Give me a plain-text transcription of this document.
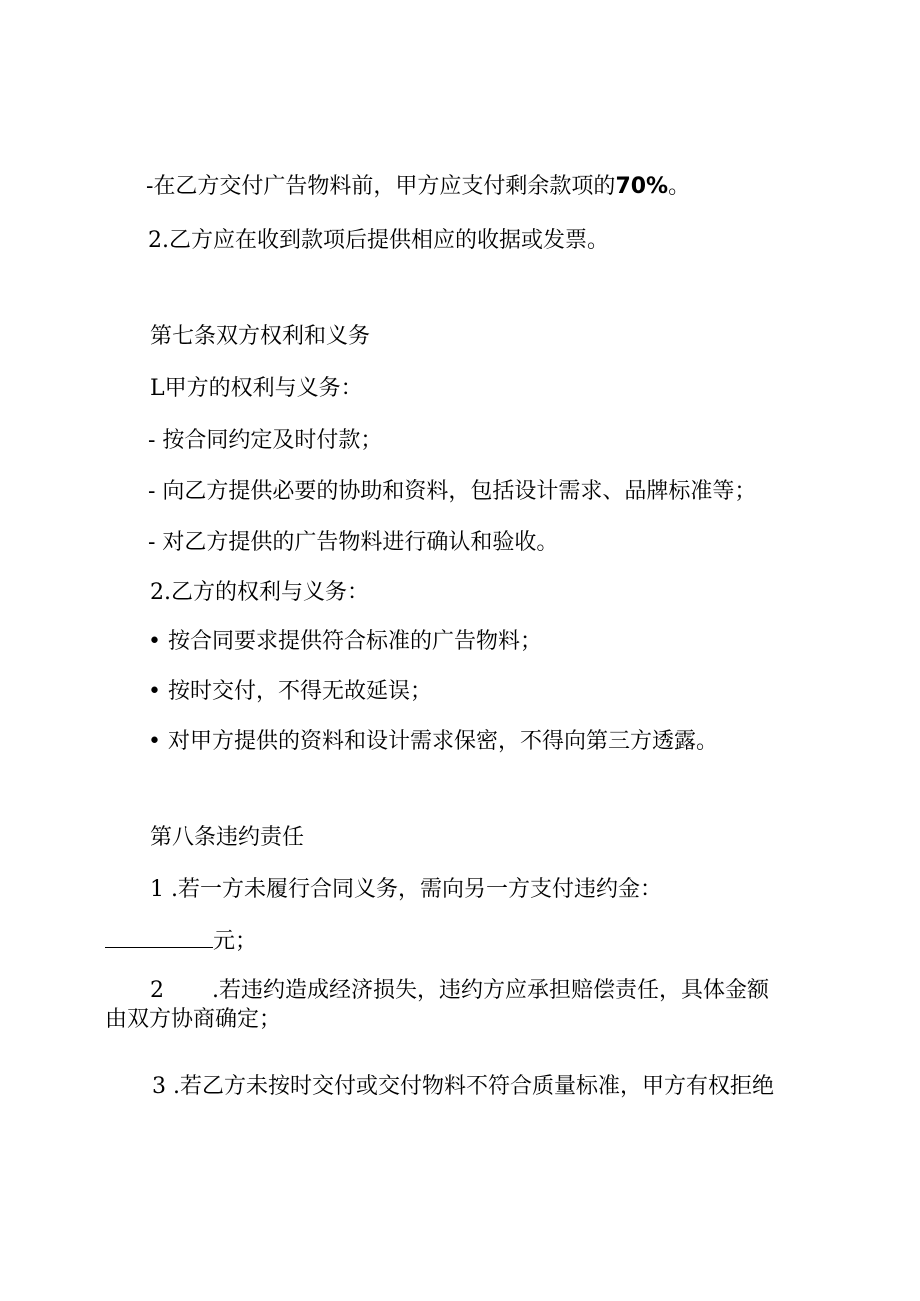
-在乙方交付广告物料前，甲方应支付剩余款项的70%。
2.乙方应在收到款项后提供相应的收据或发票。
第七条双方权利和义务
L甲方的权利与义务：
- 按合同约定及时付款；
- 向乙方提供必要的协助和资料，包括设计需求、品牌标准等；
- 对乙方提供的广告物料进行确认和验收。
2.乙方的权利与义务：
• 按合同要求提供符合标准的广告物料；
• 按时交付，不得无故延误；
• 对甲方提供的资料和设计需求保密，不得向第三方透露。
第八条违约责任
1 .若一方未履行合同义务，需向另一方支付违约金：
元；
2 .若违约造成经济损失，违约方应承担赔偿责任，具体金额
由双方协商确定；
3 .若乙方未按时交付或交付物料不符合质量标准，甲方有权拒绝
